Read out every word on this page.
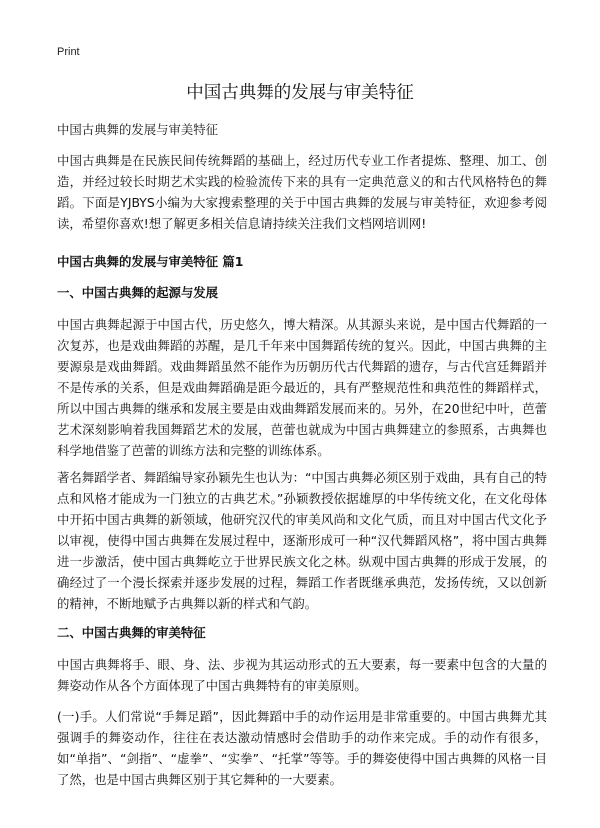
Print
中国古典舞的发展与审美特征
中国古典舞的发展与审美特征
中国古典舞是在民族民间传统舞蹈的基础上，经过历代专业工作者提炼、整理、加工、创造，并经过较长时期艺术实践的检验流传下来的具有一定典范意义的和古代风格特色的舞蹈。下面是YJBYS小编为大家搜索整理的关于中国古典舞的发展与审美特征，欢迎参考阅读，希望你喜欢!想了解更多相关信息请持续关注我们文档网培训网!
中国古典舞的发展与审美特征 篇1
一、中国古典舞的起源与发展
中国古典舞起源于中国古代，历史悠久，博大精深。从其源头来说，是中国古代舞蹈的一次复苏，也是戏曲舞蹈的苏醒，是几千年来中国舞蹈传统的复兴。因此，中国古典舞的主要源泉是戏曲舞蹈。戏曲舞蹈虽然不能作为历朝历代古代舞蹈的遗存，与古代宫廷舞蹈并不是传承的关系，但是戏曲舞蹈确是距今最近的，具有严整规范性和典范性的舞蹈样式，所以中国古典舞的继承和发展主要是由戏曲舞蹈发展而来的。另外，在20世纪中叶，芭蕾艺术深刻影响着我国舞蹈艺术的发展，芭蕾也就成为中国古典舞建立的参照系，古典舞也科学地借鉴了芭蕾的训练方法和完整的训练体系。
著名舞蹈学者、舞蹈编导家孙颖先生也认为：“中国古典舞必须区别于戏曲，具有自己的特点和风格才能成为一门独立的古典艺术。”孙颖教授依据雄厚的中华传统文化，在文化母体中开拓中国古典舞的新领域，他研究汉代的审美风尚和文化气质，而且对中国古代文化予以审视，使得中国古典舞在发展过程中，逐渐形成可一种“汉代舞蹈风格”，将中国古典舞进一步激活，使中国古典舞屹立于世界民族文化之林。纵观中国古典舞的形成于发展，的确经过了一个漫长探索并逐步发展的过程，舞蹈工作者既继承典范，发扬传统，又以创新的精神，不断地赋予古典舞以新的样式和气韵。
二、中国古典舞的审美特征
中国古典舞将手、眼、身、法、步视为其运动形式的五大要素，每一要素中包含的大量的舞姿动作从各个方面体现了中国古典舞特有的审美原则。
(一)手。人们常说“手舞足蹈”，因此舞蹈中手的动作运用是非常重要的。中国古典舞尤其强调手的舞姿动作，往往在表达激动情感时会借助手的动作来完成。手的动作有很多，如“单指”、“剑指”、“虚拳”、“实拳”、“托掌”等等。手的舞姿使得中国古典舞的风格一目了然，也是中国古典舞区别于其它舞种的一大要素。
